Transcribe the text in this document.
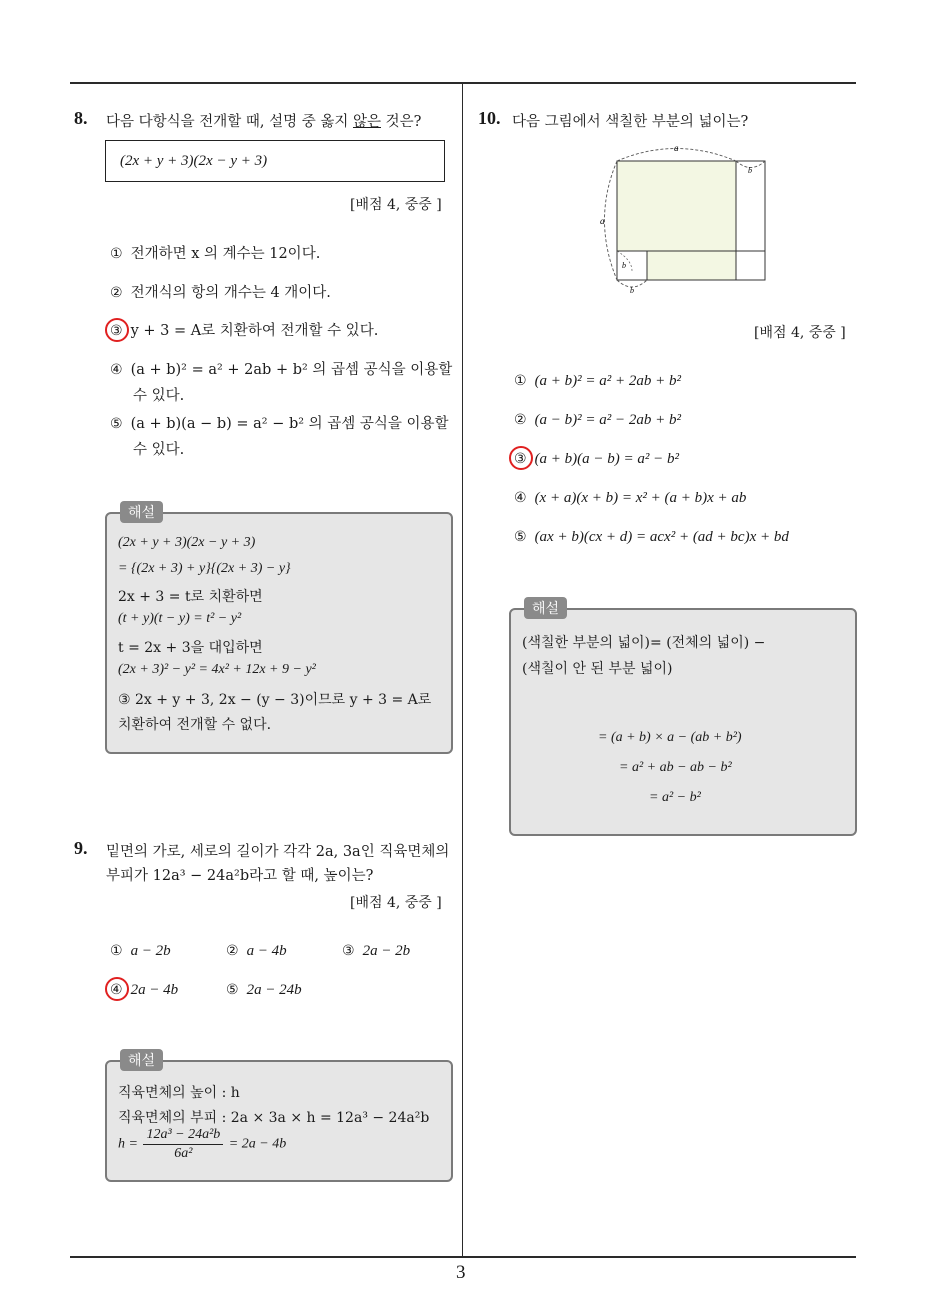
3
8. 다음 다항식을 전개할 때, 설명 중 옳지 않은 것은?
(2x + y + 3)(2x − y + 3)
[배점 4, 중중 ]
① 전개하면 x 의 계수는 12이다.
② 전개식의 항의 개수는 4 개이다.
③ y + 3 = A로 치환하여 전개할 수 있다.
④ (a + b)² = a² + 2ab + b² 의 곱셈 공식을 이용할
수 있다.
⑤ (a + b)(a − b) = a² − b² 의 곱셈 공식을 이용할
수 있다.
해설
(2x + y + 3)(2x − y + 3)
= {(2x + 3) + y}{(2x + 3) − y}
2x + 3 = t로 치환하면
(t + y)(t − y) = t² − y²
t = 2x + 3을 대입하면
(2x + 3)² − y² = 4x² + 12x + 9 − y²
③ 2x + y + 3, 2x − (y − 3)이므로 y + 3 = A로
치환하여 전개할 수 없다.
9. 밑면의 가로, 세로의 길이가 각각 2a, 3a인 직육면체의
부피가 12a³ − 24a²b라고 할 때, 높이는?
[배점 4, 중중 ]
① a − 2b	② a − 4b	③ 2a − 2b
④ 2a − 4b	⑤ 2a − 24b
해설
직육면체의 높이 : h
직육면체의 부피 : 2a × 3a × h = 12a³ − 24a²b
$h = \frac{\text{12a³ − 24a²b}}{\text{6a²}} = 2a - 4b$
10. 다음 그림에서 색칠한 부분의 넓이는?
a
a
b
b
b
[배점 4, 중중 ]
① (a + b)² = a² + 2ab + b²
② (a − b)² = a² − 2ab + b²
③ (a + b)(a − b) = a² − b²
④ (x + a)(x + b) = x² + (a + b)x + ab
⑤ (ax + b)(cx + d) = acx² + (ad + bc)x + bd
해설
(색칠한 부분의 넓이)= (전체의 넓이) −
(색칠이 안 된 부분 넓이)
= (a + b) × a − (ab + b²)
= a² + ab − ab − b²
= a² − b²
